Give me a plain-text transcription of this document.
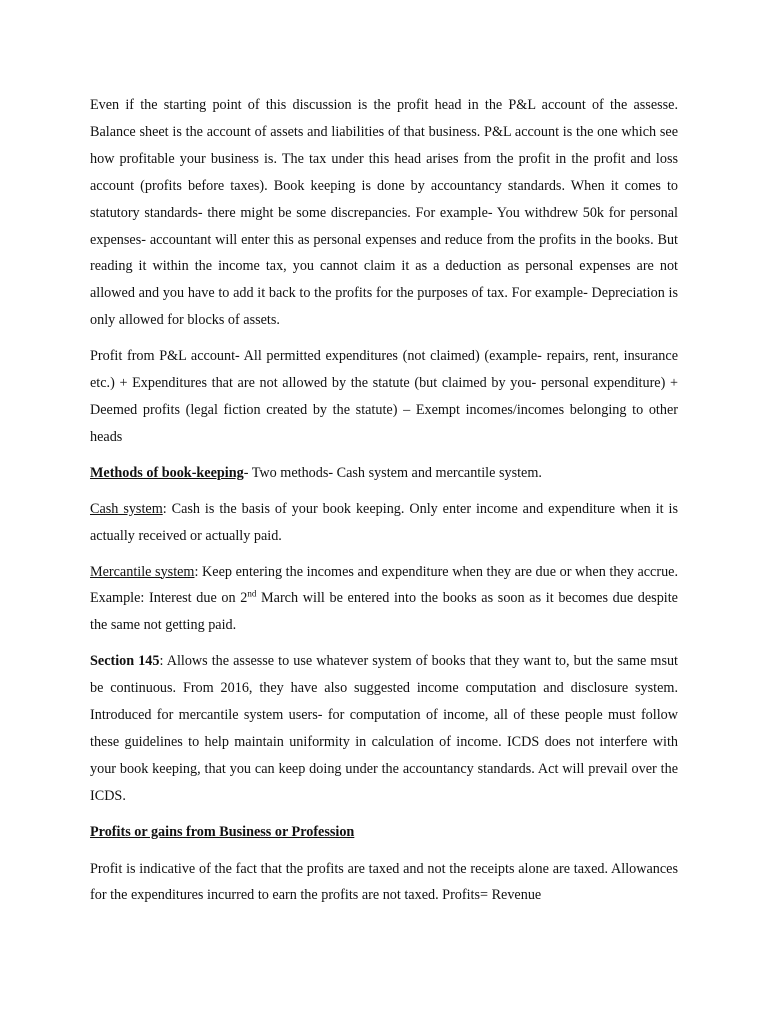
Even if the starting point of this discussion is the profit head in the P&L account of the assesse. Balance sheet is the account of assets and liabilities of that business. P&L account is the one which see how profitable your business is. The tax under this head arises from the profit in the profit and loss account (profits before taxes). Book keeping is done by accountancy standards. When it comes to statutory standards- there might be some discrepancies. For example- You withdrew 50k for personal expenses- accountant will enter this as personal expenses and reduce from the profits in the books. But reading it within the income tax, you cannot claim it as a deduction as personal expenses are not allowed and you have to add it back to the profits for the purposes of tax. For example- Depreciation is only allowed for blocks of assets.

Profit from P&L account- All permitted expenditures (not claimed) (example- repairs, rent, insurance etc.) + Expenditures that are not allowed by the statute (but claimed by you- personal expenditure) + Deemed profits (legal fiction created by the statute) – Exempt incomes/incomes belonging to other heads

Methods of book-keeping- Two methods- Cash system and mercantile system.

Cash system: Cash is the basis of your book keeping. Only enter income and expenditure when it is actually received or actually paid.

Mercantile system: Keep entering the incomes and expenditure when they are due or when they accrue. Example: Interest due on 2nd March will be entered into the books as soon as it becomes due despite the same not getting paid.

Section 145: Allows the assesse to use whatever system of books that they want to, but the same msut be continuous. From 2016, they have also suggested income computation and disclosure system. Introduced for mercantile system users- for computation of income, all of these people must follow these guidelines to help maintain uniformity in calculation of income. ICDS does not interfere with your book keeping, that you can keep doing under the accountancy standards. Act will prevail over the ICDS.

Profits or gains from Business or Profession

Profit is indicative of the fact that the profits are taxed and not the receipts alone are taxed. Allowances for the expenditures incurred to earn the profits are not taxed. Profits= Revenue
